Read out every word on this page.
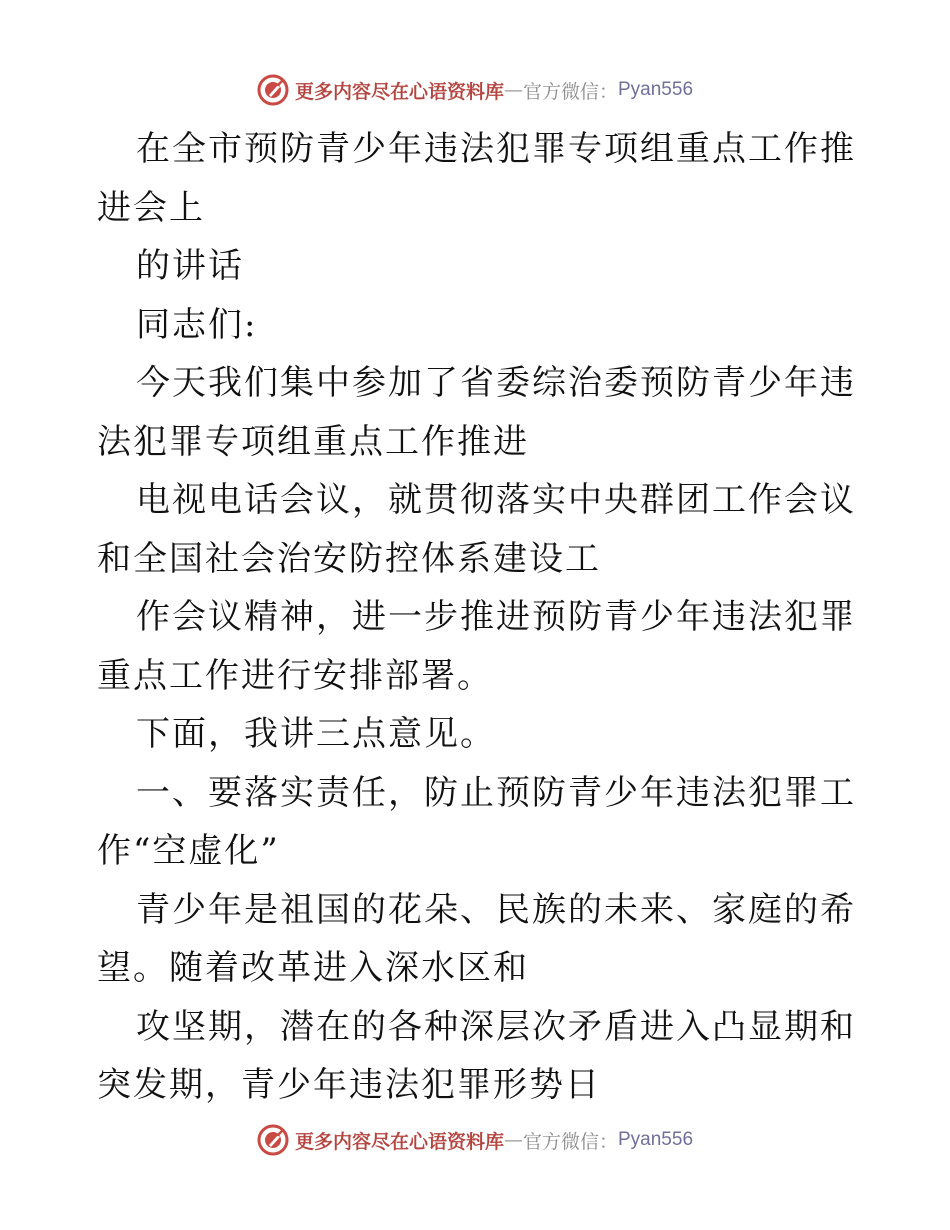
更多内容尽在心语资料库 — 官方微信： Pyan556

在全市预防青少年违法犯罪专项组重点工作推进会上

的讲话

同志们:

今天我们集中参加了省委综治委预防青少年违法犯罪专项组重点工作推进

电视电话会议，就贯彻落实中央群团工作会议和全国社会治安防控体系建设工

作会议精神，进一步推进预防青少年违法犯罪重点工作进行安排部署。

下面，我讲三点意见。

一、要落实责任，防止预防青少年违法犯罪工作“空虚化”

青少年是祖国的花朵、民族的未来、家庭的希望。随着改革进入深水区和

攻坚期，潜在的各种深层次矛盾进入凸显期和突发期，青少年违法犯罪形势日

更多内容尽在心语资料库 — 官方微信： Pyan556
